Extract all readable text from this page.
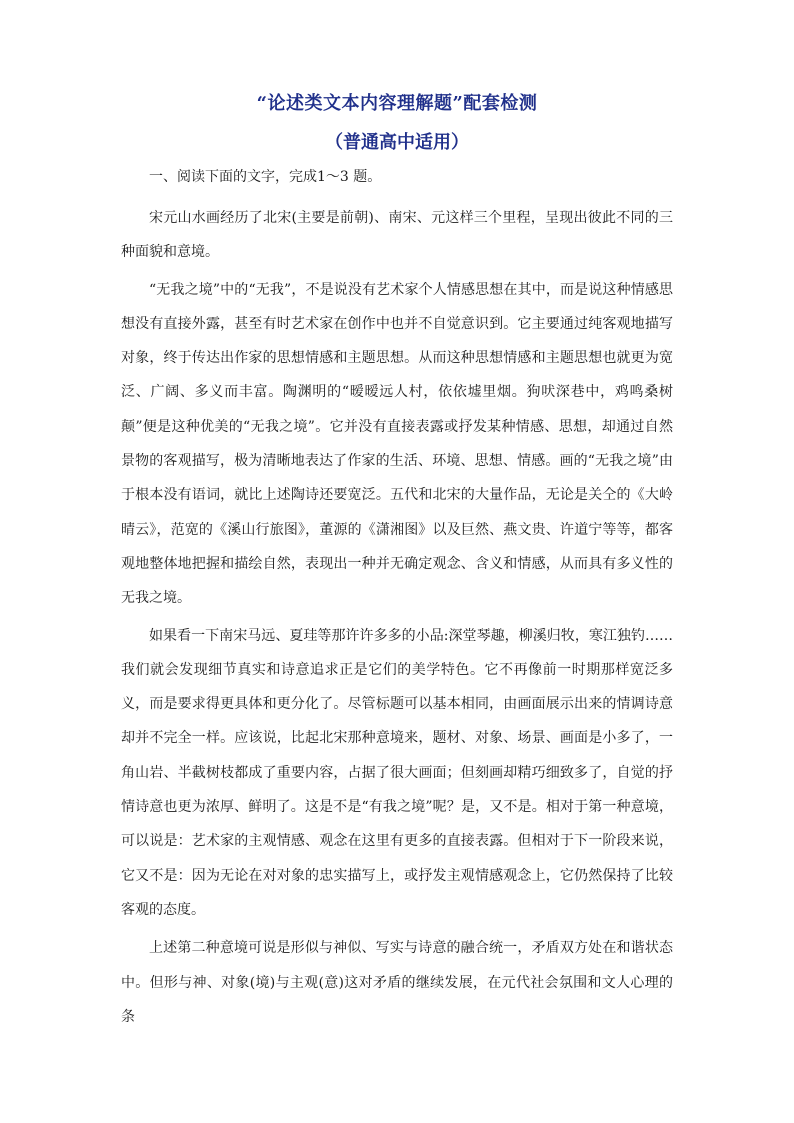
“论述类文本内容理解题”配套检测
（普通高中适用）

一、阅读下面的文字，完成1～3 题。

宋元山水画经历了北宋(主要是前朝)、南宋、元这样三个里程，呈现出彼此不同的三种面貌和意境。

“无我之境”中的“无我”，不是说没有艺术家个人情感思想在其中，而是说这种情感思想没有直接外露，甚至有时艺术家在创作中也并不自觉意识到。它主要通过纯客观地描写对象，终于传达出作家的思想情感和主题思想。从而这种思想情感和主题思想也就更为宽泛、广阔、多义而丰富。陶渊明的“暧暧远人村，依依墟里烟。狗吠深巷中，鸡鸣桑树颠”便是这种优美的“无我之境”。它并没有直接表露或抒发某种情感、思想，却通过自然景物的客观描写，极为清晰地表达了作家的生活、环境、思想、情感。画的“无我之境”由于根本没有语词，就比上述陶诗还要宽泛。五代和北宋的大量作品，无论是关仝的《大岭晴云》，范宽的《溪山行旅图》，董源的《潇湘图》以及巨然、燕文贵、许道宁等等，都客观地整体地把握和描绘自然，表现出一种并无确定观念、含义和情感，从而具有多义性的无我之境。

如果看一下南宋马远、夏珪等那许许多多的小品:深堂琴趣，柳溪归牧，寒江独钓……我们就会发现细节真实和诗意追求正是它们的美学特色。它不再像前一时期那样宽泛多义，而是要求得更具体和更分化了。尽管标题可以基本相同，由画面展示出来的情调诗意却并不完全一样。应该说，比起北宋那种意境来，题材、对象、场景、画面是小多了，一角山岩、半截树枝都成了重要内容，占据了很大画面；但刻画却精巧细致多了，自觉的抒情诗意也更为浓厚、鲜明了。这是不是“有我之境”呢？是，又不是。相对于第一种意境，可以说是：艺术家的主观情感、观念在这里有更多的直接表露。但相对于下一阶段来说，它又不是：因为无论在对对象的忠实描写上，或抒发主观情感观念上，它仍然保持了比较客观的态度。

上述第二种意境可说是形似与神似、写实与诗意的融合统一，矛盾双方处在和谐状态中。但形与神、对象(境)与主观(意)这对矛盾的继续发展，在元代社会氛围和文人心理的条
